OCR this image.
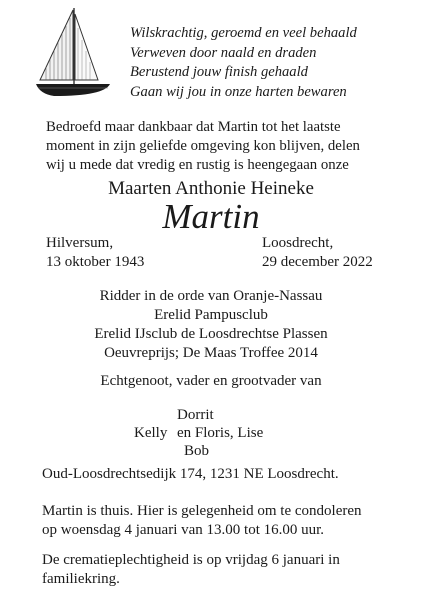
Wilskrachtig, geroemd en veel behaald
Verweven door naald en draden
Berustend jouw finish gehaald
Gaan wij jou in onze harten bewaren
Bedroefd maar dankbaar dat Martin tot het laatste
moment in zijn geliefde omgeving kon blijven, delen
wij u mede dat vredig en rustig is heengegaan onze
Maarten Anthonie Heineke
Martin
Hilversum,
13 oktober 1943
Loosdrecht,
29 december 2022
Ridder in de orde van Oranje-Nassau
Erelid Pampusclub
Erelid IJsclub de Loosdrechtse Plassen
Oeuvreprijs; De Maas Troffee 2014
Echtgenoot, vader en grootvader van
Dorrit
Kelly en Floris, Lise
Bob
Oud-Loosdrechtsedijk 174, 1231 NE Loosdrecht.
Martin is thuis. Hier is gelegenheid om te condoleren
op woensdag 4 januari van 13.00 tot 16.00 uur.
De crematieplechtigheid is op vrijdag 6 januari in
familiekring.
